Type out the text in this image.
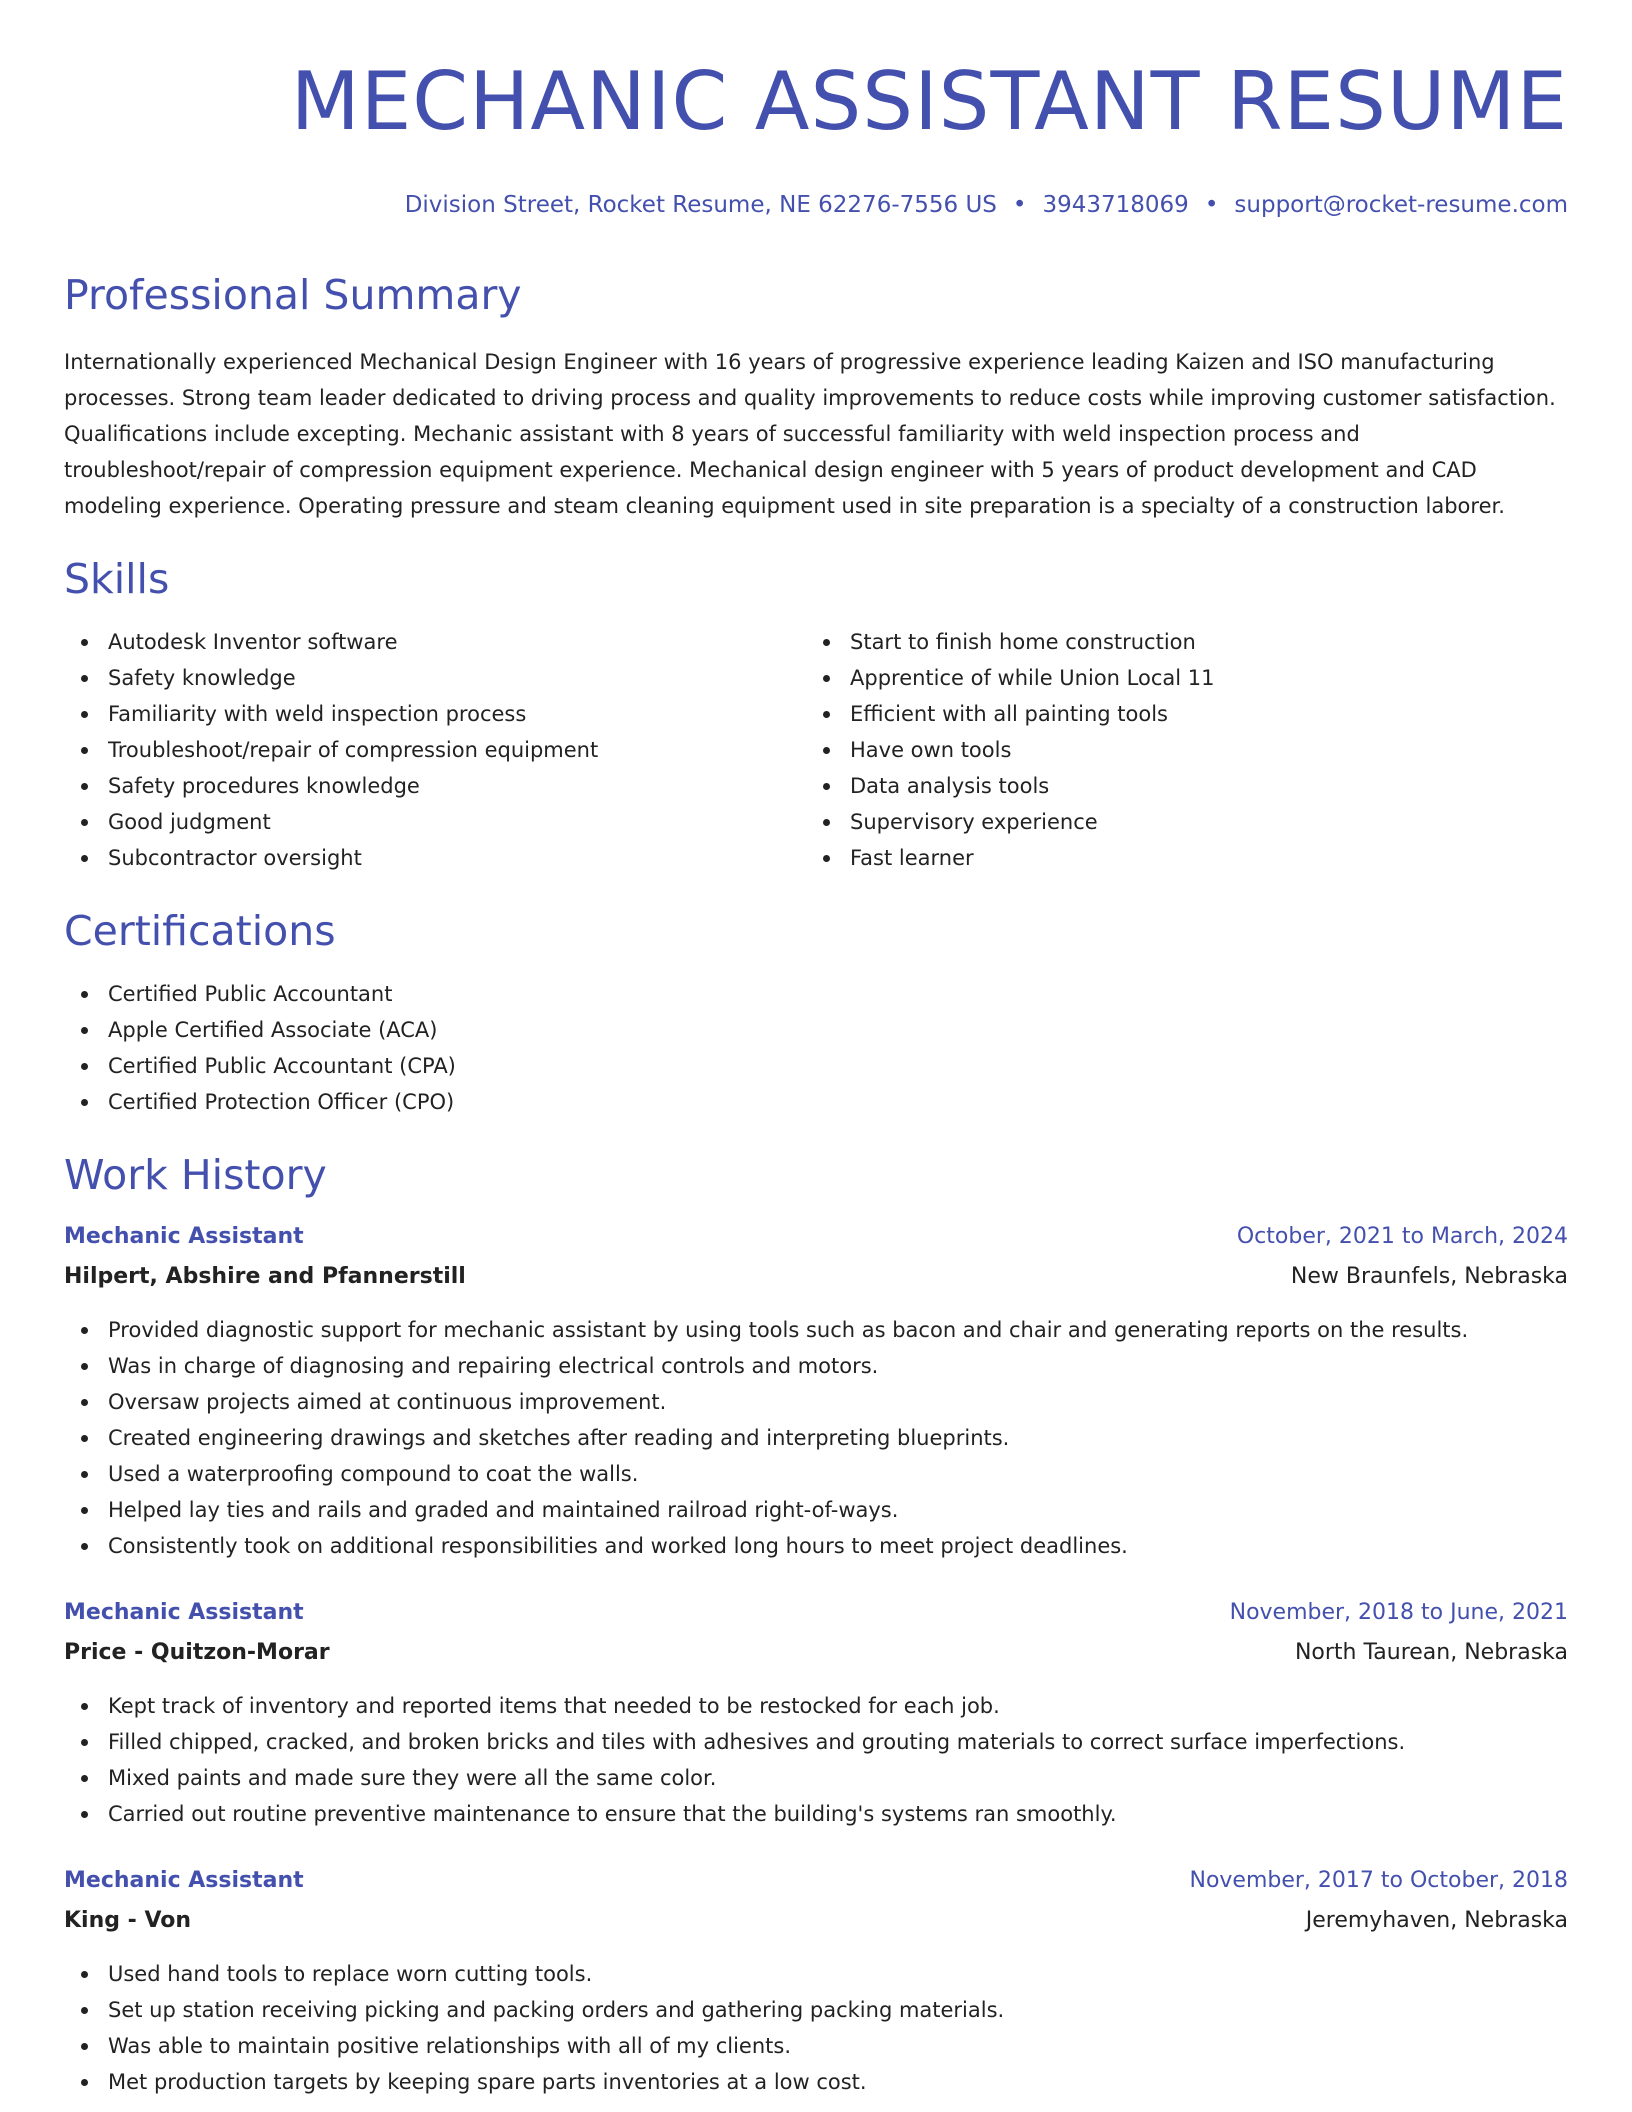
MECHANIC ASSISTANT RESUME
Division Street, Rocket Resume, NE 62276-7556 US • 3943718069 • support@rocket-resume.com
Professional Summary

Internationally experienced Mechanical Design Engineer with 16 years of progressive experience leading Kaizen and ISO manufacturing processes. Strong team leader dedicated to driving process and quality improvements to reduce costs while improving customer satisfaction. Qualifications include excepting. Mechanic assistant with 8 years of successful familiarity with weld inspection process and troubleshoot/repair of compression equipment experience. Mechanical design engineer with 5 years of product development and CAD modeling experience. Operating pressure and steam cleaning equipment used in site preparation is a specialty of a construction laborer.

Skills
Autodesk Inventor software
Safety knowledge
Familiarity with weld inspection process
Troubleshoot/repair of compression equipment
Safety procedures knowledge
Good judgment
Subcontractor oversight
Start to finish home construction
Apprentice of while Union Local 11
Efficient with all painting tools
Have own tools
Data analysis tools
Supervisory experience
Fast learner
Certifications
Certified Public Accountant
Apple Certified Associate (ACA)
Certified Public Accountant (CPA)
Certified Protection Officer (CPO)
Work History
Mechanic Assistant	October, 2021 to March, 2024
Hilpert, Abshire and Pfannerstill	New Braunfels, Nebraska
Provided diagnostic support for mechanic assistant by using tools such as bacon and chair and generating reports on the results.
Was in charge of diagnosing and repairing electrical controls and motors.
Oversaw projects aimed at continuous improvement.
Created engineering drawings and sketches after reading and interpreting blueprints.
Used a waterproofing compound to coat the walls.
Helped lay ties and rails and graded and maintained railroad right-of-ways.
Consistently took on additional responsibilities and worked long hours to meet project deadlines.
Mechanic Assistant	November, 2018 to June, 2021
Price - Quitzon-Morar	North Taurean, Nebraska
Kept track of inventory and reported items that needed to be restocked for each job.
Filled chipped, cracked, and broken bricks and tiles with adhesives and grouting materials to correct surface imperfections.
Mixed paints and made sure they were all the same color.
Carried out routine preventive maintenance to ensure that the building's systems ran smoothly.
Mechanic Assistant	November, 2017 to October, 2018
King - Von	Jeremyhaven, Nebraska
Used hand tools to replace worn cutting tools.
Set up station receiving picking and packing orders and gathering packing materials.
Was able to maintain positive relationships with all of my clients.
Met production targets by keeping spare parts inventories at a low cost.
